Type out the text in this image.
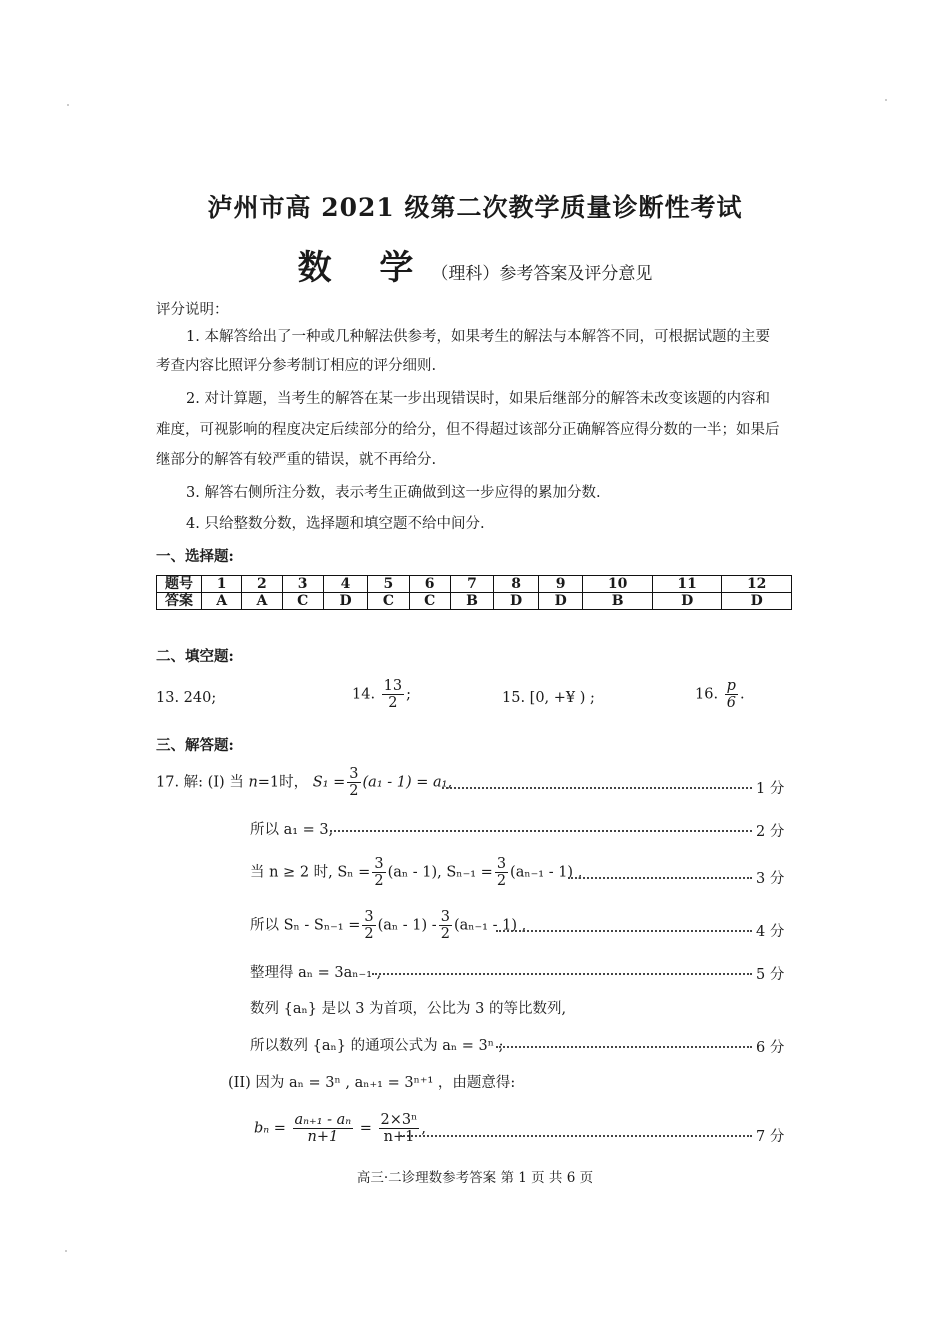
泸州市高 2021 级第二次教学质量诊断性考试
数 学（理科）参考答案及评分意见
评分说明：
1. 本解答给出了一种或几种解法供参考，如果考生的解法与本解答不同，可根据试题的主要
考查内容比照评分参考制订相应的评分细则.
2. 对计算题，当考生的解答在某一步出现错误时，如果后继部分的解答未改变该题的内容和
难度，可视影响的程度决定后续部分的给分，但不得超过该部分正确解答应得分数的一半；如果后
继部分的解答有较严重的错误，就不再给分.
3. 解答右侧所注分数，表示考生正确做到这一步应得的累加分数.
4. 只给整数分数，选择题和填空题不给中间分.
一、选择题:
题号	1	2	3	4	5	6	7	8	9	10	11	12
答案	A	A	C	D	C	C	B	D	D	B	D	D
二、填空题:
13. 240;	14. $\frac{13}{2}$ ;	15. [0, +¥ ) ;	16. $\frac{p}{6}$ .
三、解答题:
17. 解: (I) 当 n=1时， $S_1 = \frac{3}{2} (a_1 - 1) = a_1$,	1 分
所以 a₁ = 3,	2 分
当 n ≥ 2 时, $S_n = \frac{3}{2} (a_n - 1)$, $S_{n-1} = \frac{3}{2} (a_{n-1} - 1)$ ,	3 分
所以 $S_n - S_{n-1} = \frac{3}{2} (a_n - 1) - \frac{3}{2} (a_{n-1} - 1)$ ,	4 分
整理得 aₙ = 3aₙ₋₁ ,	5 分
数列 {aₙ} 是以 3 为首项，公比为 3 的等比数列,
所以数列 {aₙ} 的通项公式为 aₙ = 3ⁿ ;	6 分
(II) 因为 aₙ = 3ⁿ , aₙ₊₁ = 3ⁿ⁺¹ ，由题意得:
$b_n = \frac{\text{aₙ₊₁ - aₙ}}{n+1} = \frac{\text{2×3ⁿ}}{n+1}$ ,
7 分
高三·二诊理数参考答案 第 1 页 共 6 页
